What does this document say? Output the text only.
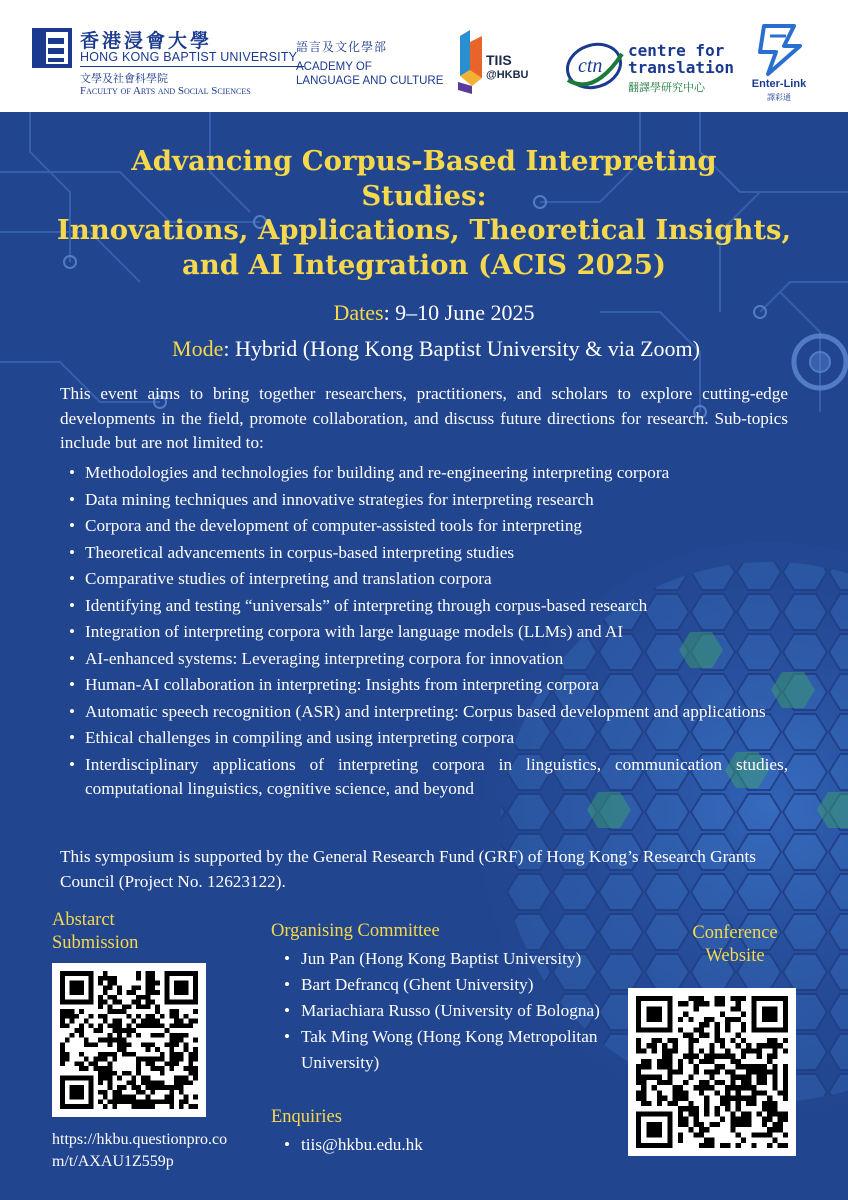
香港浸會大學
HONG KONG BAPTIST UNIVERSITY
文學及社會科學院
Faculty of Arts and Social Sciences
語言及文化學部
ACADEMY OF
LANGUAGE AND CULTURE
TIIS
@HKBU ctn
centre for
translation
翻譯學研究中心	Enter-Link
譯彩通
Advancing Corpus-Based Interpreting
Studies:
Innovations, Applications, Theoretical Insights,
and AI Integration (ACIS 2025)
Dates: 9–10 June 2025
Mode: Hybrid (Hong Kong Baptist University & via Zoom)
This event aims to bring together researchers, practitioners, and scholars to explore cutting-edge developments in the field, promote collaboration, and discuss future directions for research. Sub-topics include but are not limited to:
• Methodologies and technologies for building and re-engineering interpreting corpora
• Data mining techniques and innovative strategies for interpreting research
• Corpora and the development of computer-assisted tools for interpreting
• Theoretical advancements in corpus-based interpreting studies
• Comparative studies of interpreting and translation corpora
• Identifying and testing “universals” of interpreting through corpus-based research
• Integration of interpreting corpora with large language models (LLMs) and AI
• AI-enhanced systems: Leveraging interpreting corpora for innovation
• Human-AI collaboration in interpreting: Insights from interpreting corpora
• Automatic speech recognition (ASR) and interpreting: Corpus based development and applications
• Ethical challenges in compiling and using interpreting corpora
• Interdisciplinary applications of interpreting corpora in linguistics, communication studies, computational linguistics, cognitive science, and beyond
This symposium is supported by the General Research Fund (GRF) of Hong Kong’s Research Grants Council (Project No. 12623122).
Abstarct
Submission
https://hkbu.questionpro.com/t/AXAU1Z559p
Organising Committee
• Jun Pan (Hong Kong Baptist University)
• Bart Defrancq (Ghent University)
• Mariachiara Russo (University of Bologna)
• Tak Ming Wong (Hong Kong Metropolitan University)
Enquiries
• tiis@hkbu.edu.hk
Conference
Website
